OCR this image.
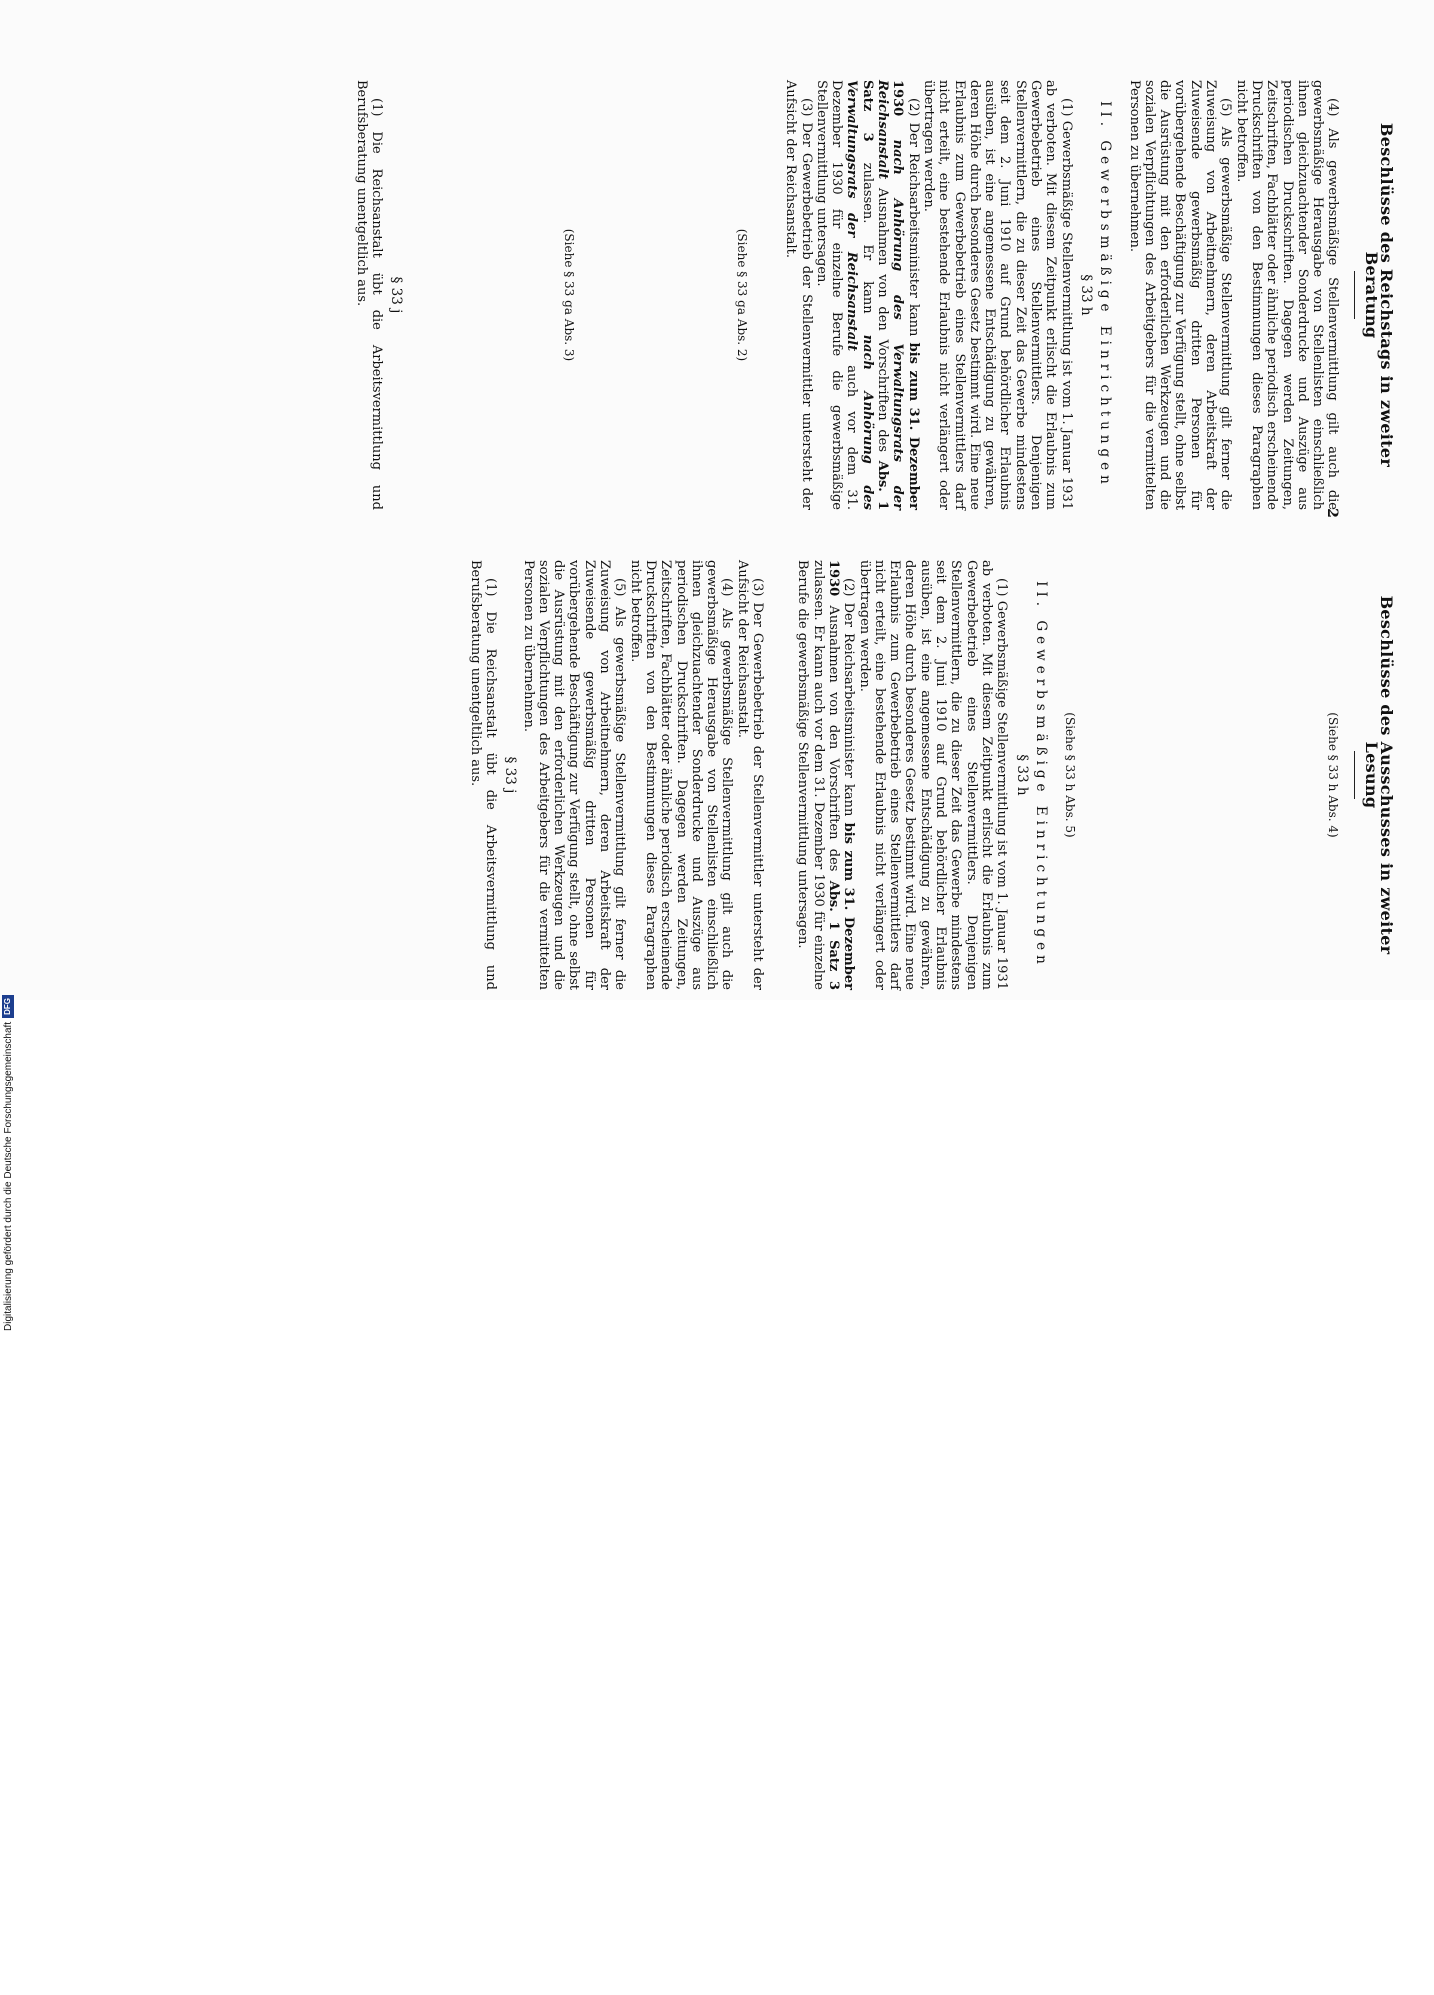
2
Beschlüsse des Ausschusses in zweiter Lesung
(Siehe § 33 h Abs. 4)
(Siehe § 33 h Abs. 5)
II. Gewerbsmäßige Einrichtungen
§ 33 h

(1) Gewerbsmäßige Stellenvermittlung ist vom 1. Januar 1931 ab verboten. Mit diesem Zeitpunkt erlischt die Erlaubnis zum Gewerbebetrieb eines Stellenvermittlers. Denjenigen Stellenvermittlern, die zu dieser Zeit das Gewerbe mindestens seit dem 2. Juni 1910 auf Grund behördlicher Erlaubnis ausüben, ist eine angemessene Entschädigung zu gewähren, deren Höhe durch besonderes Gesetz bestimmt wird. Eine neue Erlaubnis zum Gewerbebetrieb eines Stellenvermittlers darf nicht erteilt, eine bestehende Erlaubnis nicht verlängert oder übertragen werden.

(2) Der Reichsarbeitsminister kann bis zum 31. Dezember 1930 Ausnahmen von den Vorschriften des Abs. 1 Satz 3 zulassen. Er kann auch vor dem 31. Dezember 1930 für einzelne Berufe die gewerbsmäßige Stellenvermittlung untersagen.

(3) Der Gewerbebetrieb der Stellenvermittler untersteht der Aufsicht der Reichsanstalt.

(4) Als gewerbsmäßige Stellenvermittlung gilt auch die gewerbsmäßige Herausgabe von Stellenlisten einschließlich ihnen gleichzuachtender Sonderdrucke und Auszüge aus periodischen Druckschriften. Dagegen werden Zeitungen, Zeitschriften, Fachblätter oder ähnliche periodisch erscheinende Druckschriften von den Bestimmungen dieses Paragraphen nicht betroffen.

(5) Als gewerbsmäßige Stellenvermittlung gilt ferner die Zuweisung von Arbeitnehmern, deren Arbeitskraft der Zuweisende gewerbsmäßig dritten Personen für vorübergehende Beschäftigung zur Verfügung stellt, ohne selbst die Ausrüstung mit den erforderlichen Werkzeugen und die sozialen Verpflichtungen des Arbeitgebers für die vermittelten Personen zu übernehmen.

§ 33 j

(1) Die Reichsanstalt übt die Arbeitsvermittlung und Berufsberatung unentgeltlich aus.

Beschlüsse des Reichstags in zweiter Beratung

(4) Als gewerbsmäßige Stellenvermittlung gilt auch die gewerbsmäßige Herausgabe von Stellenlisten einschließlich ihnen gleichzuachtender Sonderdrucke und Auszüge aus periodischen Druckschriften. Dagegen werden Zeitungen, Zeitschriften, Fachblätter oder ähnliche periodisch erscheinende Druckschriften von den Bestimmungen dieses Paragraphen nicht betroffen.

(5) Als gewerbsmäßige Stellenvermittlung gilt ferner die Zuweisung von Arbeitnehmern, deren Arbeitskraft der Zuweisende gewerbsmäßig dritten Personen für vorübergehende Beschäftigung zur Verfügung stellt, ohne selbst die Ausrüstung mit den erforderlichen Werkzeugen und die sozialen Verpflichtungen des Arbeitgebers für die vermittelten Personen zu übernehmen.

II. Gewerbsmäßige Einrichtungen
§ 33 h

(1) Gewerbsmäßige Stellenvermittlung ist vom 1. Januar 1931 ab verboten. Mit diesem Zeitpunkt erlischt die Erlaubnis zum Gewerbebetrieb eines Stellenvermittlers. Denjenigen Stellenvermittlern, die zu dieser Zeit das Gewerbe mindestens seit dem 2. Juni 1910 auf Grund behördlicher Erlaubnis ausüben, ist eine angemessene Entschädigung zu gewähren, deren Höhe durch besonderes Gesetz bestimmt wird. Eine neue Erlaubnis zum Gewerbebetrieb eines Stellenvermittlers darf nicht erteilt, eine bestehende Erlaubnis nicht verlängert oder übertragen werden.

(2) Der Reichsarbeitsminister kann bis zum 31. Dezember 1930 nach Anhörung des Verwaltungsrats der Reichsanstalt Ausnahmen von den Vorschriften des Abs. 1 Satz 3 zulassen. Er kann nach Anhörung des Verwaltungsrats der Reichsanstalt auch vor dem 31. Dezember 1930 für einzelne Berufe die gewerbsmäßige Stellenvermittlung untersagen.

(3) Der Gewerbebetrieb der Stellenvermittler untersteht der Aufsicht der Reichsanstalt.

(Siehe § 33 ga Abs. 2)
(Siehe § 33 ga Abs. 3)
§ 33 j

(1) Die Reichsanstalt übt die Arbeitsvermittlung und Berufsberatung unentgeltlich aus.

Digitalisierung gefördert durch die Deutsche ForschungsgemeinschaftDFG
